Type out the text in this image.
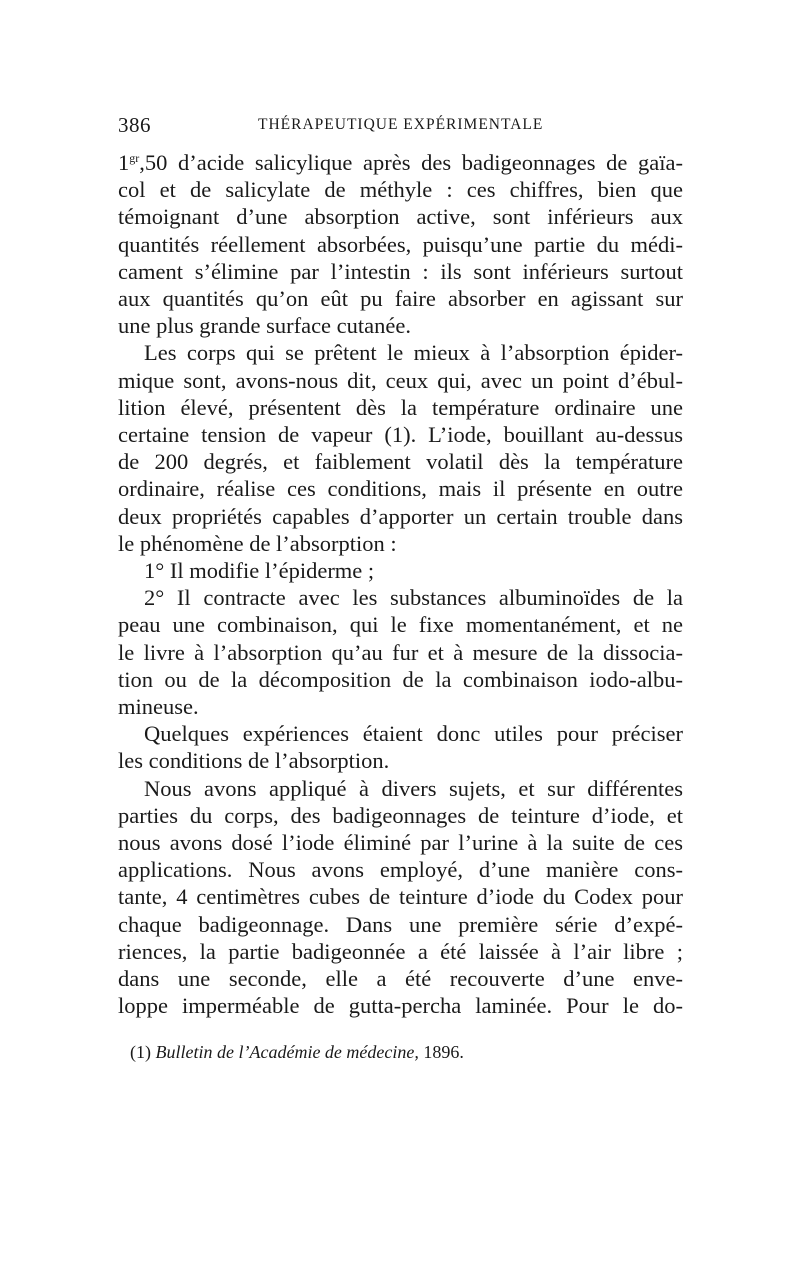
386	THÉRAPEUTIQUE EXPÉRIMENTALE

$1^{gr},50$ d’acide salicylique après des badigeonnages de gaïa-
col et de salicylate de méthyle : ces chiffres, bien que
témoignant d’une absorption active, sont inférieurs aux
quantités réellement absorbées, puisqu’une partie du médi-
cament s’élimine par l’intestin : ils sont inférieurs surtout
aux quantités qu’on eût pu faire absorber en agissant sur
une plus grande surface cutanée.

Les corps qui se prêtent le mieux à l’absorption épider-
mique sont, avons-nous dit, ceux qui, avec un point d’ébul-
lition élevé, présentent dès la température ordinaire une
certaine tension de vapeur (1). L’iode, bouillant au-dessus
de 200 degrés, et faiblement volatil dès la température
ordinaire, réalise ces conditions, mais il présente en outre
deux propriétés capables d’apporter un certain trouble dans
le phénomène de l’absorption :

1° Il modifie l’épiderme ;

2° Il contracte avec les substances albuminoïdes de la
peau une combinaison, qui le fixe momentanément, et ne
le livre à l’absorption qu’au fur et à mesure de la dissocia-
tion ou de la décomposition de la combinaison iodo-albu-
mineuse.

Quelques expériences étaient donc utiles pour préciser
les conditions de l’absorption.

Nous avons appliqué à divers sujets, et sur différentes
parties du corps, des badigeonnages de teinture d’iode, et
nous avons dosé l’iode éliminé par l’urine à la suite de ces
applications. Nous avons employé, d’une manière cons-
tante, 4 centimètres cubes de teinture d’iode du Codex pour
chaque badigeonnage. Dans une première série d’expé-
riences, la partie badigeonnée a été laissée à l’air libre ;
dans une seconde, elle a été recouverte d’une enve-
loppe imperméable de gutta-percha laminée. Pour le do-

(1) Bulletin de l’Académie de médecine, 1896.
